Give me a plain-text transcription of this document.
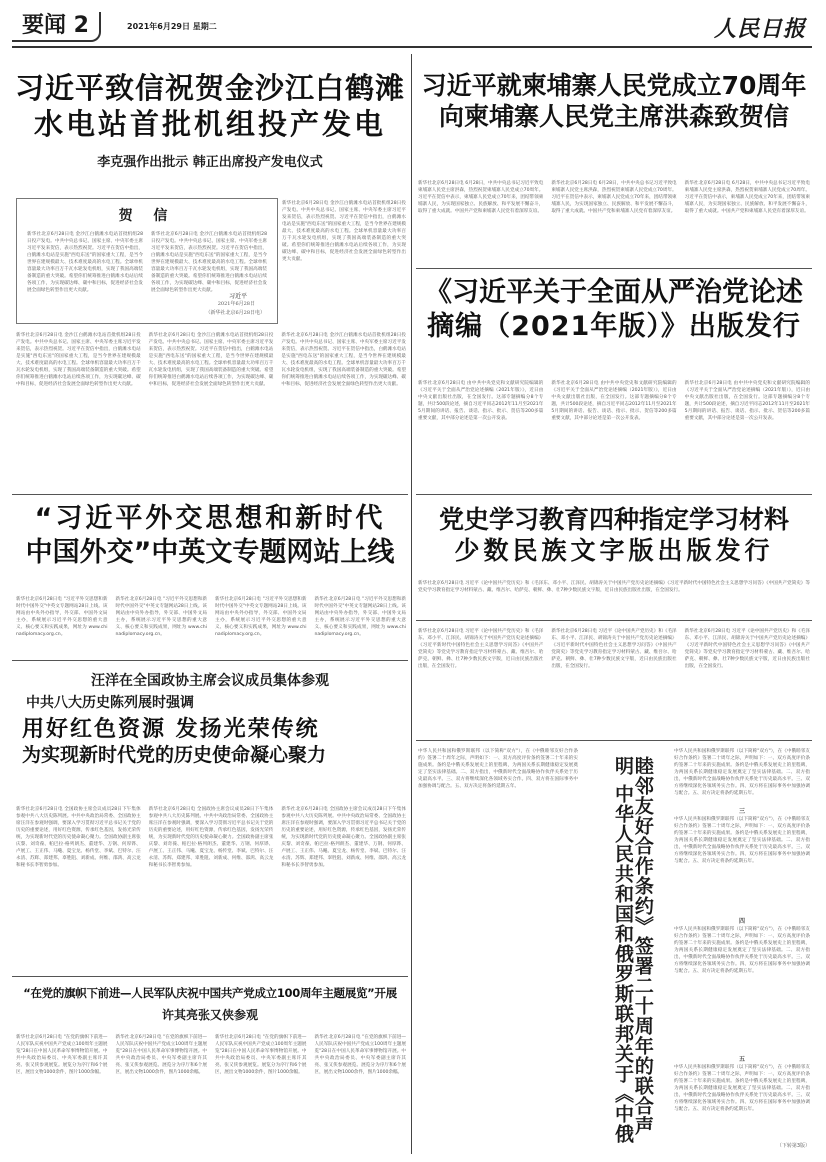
要闻 2	2021年6月29日 星期二	人民日报
习近平致信祝贺金沙江白鹤滩
水电站首批机组投产发电
李克强作出批示 韩正出席投产发电仪式
贺 信
新华社北京6月28日电 金沙江白鹤滩水电站首批机组28日投产发电。中共中央总书记、国家主席、中央军委主席习近平发来贺信，表示热烈祝贺。习近平在贺信中指出，白鹤滩水电站是实施"西电东送"的国家重大工程，是当今世界在建规模最大、技术难度最高的水电工程。全球单机容量最大功率百万千瓦水轮发电机组，实现了我国高端装备制造的重大突破。希望你们统筹推进白鹤滩水电站后续各项工作，为实现碳达峰、碳中和目标，促进经济社会发展全面绿色转型作出更大贡献。
新华社北京6月28日电 金沙江白鹤滩水电站首批机组28日投产发电。中共中央总书记、国家主席、中央军委主席习近平发来贺信，表示热烈祝贺。习近平在贺信中指出，白鹤滩水电站是实施"西电东送"的国家重大工程，是当今世界在建规模最大、技术难度最高的水电工程。全球单机容量最大功率百万千瓦水轮发电机组，实现了我国高端装备制造的重大突破。希望你们统筹推进白鹤滩水电站后续各项工作，为实现碳达峰、碳中和目标，促进经济社会发展全面绿色转型作出更大贡献。
习近平
2021年6月28日
（新华社北京6月28日电）
新华社北京6月28日电 金沙江白鹤滩水电站首批机组28日投产发电。中共中央总书记、国家主席、中央军委主席习近平发来贺信，表示热烈祝贺。习近平在贺信中指出，白鹤滩水电站是实施"西电东送"的国家重大工程，是当今世界在建规模最大、技术难度最高的水电工程。全球单机容量最大功率百万千瓦水轮发电机组，实现了我国高端装备制造的重大突破。希望你们统筹推进白鹤滩水电站后续各项工作，为实现碳达峰、碳中和目标，促进经济社会发展全面绿色转型作出更大贡献。
新华社北京6月28日电 金沙江白鹤滩水电站首批机组28日投产发电。中共中央总书记、国家主席、中央军委主席习近平发来贺信，表示热烈祝贺。习近平在贺信中指出，白鹤滩水电站是实施"西电东送"的国家重大工程，是当今世界在建规模最大、技术难度最高的水电工程。全球单机容量最大功率百万千瓦水轮发电机组，实现了我国高端装备制造的重大突破。希望你们统筹推进白鹤滩水电站后续各项工作，为实现碳达峰、碳中和目标，促进经济社会发展全面绿色转型作出更大贡献。
新华社北京6月28日电 金沙江白鹤滩水电站首批机组28日投产发电。中共中央总书记、国家主席、中央军委主席习近平发来贺信，表示热烈祝贺。习近平在贺信中指出，白鹤滩水电站是实施"西电东送"的国家重大工程，是当今世界在建规模最大、技术难度最高的水电工程。全球单机容量最大功率百万千瓦水轮发电机组，实现了我国高端装备制造的重大突破。希望你们统筹推进白鹤滩水电站后续各项工作，为实现碳达峰、碳中和目标，促进经济社会发展全面绿色转型作出更大贡献。
新华社北京6月28日电 金沙江白鹤滩水电站首批机组28日投产发电。中共中央总书记、国家主席、中央军委主席习近平发来贺信，表示热烈祝贺。习近平在贺信中指出，白鹤滩水电站是实施"西电东送"的国家重大工程，是当今世界在建规模最大、技术难度最高的水电工程。全球单机容量最大功率百万千瓦水轮发电机组，实现了我国高端装备制造的重大突破。希望你们统筹推进白鹤滩水电站后续各项工作，为实现碳达峰、碳中和目标，促进经济社会发展全面绿色转型作出更大贡献。
习近平就柬埔寨人民党成立70周年
向柬埔寨人民党主席洪森致贺信
新华社北京6月28日电 6月28日，中共中央总书记习近平致电柬埔寨人民党主席洪森，热烈祝贺柬埔寨人民党成立70周年。习近平在贺信中表示，柬埔寨人民党成立70年来，团结带领柬埔寨人民，为实现国家独立、民族解放、和平发展不懈奋斗，取得了重大成就。中国共产党和柬埔寨人民党有着深厚友谊。
新华社北京6月28日电 6月28日，中共中央总书记习近平致电柬埔寨人民党主席洪森，热烈祝贺柬埔寨人民党成立70周年。习近平在贺信中表示，柬埔寨人民党成立70年来，团结带领柬埔寨人民，为实现国家独立、民族解放、和平发展不懈奋斗，取得了重大成就。中国共产党和柬埔寨人民党有着深厚友谊。
新华社北京6月28日电 6月28日，中共中央总书记习近平致电柬埔寨人民党主席洪森，热烈祝贺柬埔寨人民党成立70周年。习近平在贺信中表示，柬埔寨人民党成立70年来，团结带领柬埔寨人民，为实现国家独立、民族解放、和平发展不懈奋斗，取得了重大成就。中国共产党和柬埔寨人民党有着深厚友谊。
《习近平关于全面从严治党论述
摘编（2021年版）》出版发行
新华社北京6月28日电 由中共中央党史和文献研究院编辑的《习近平关于全面从严治党论述摘编（2021年版）》，近日由中央文献出版社出版，在全国发行。这部专题摘编分8个专题，共计500段论述，摘自习近平同志2012年11月至2021年5月期间的讲话、报告、谈话、指示、批示、贺信等200多篇重要文献，其中部分论述是第一次公开发表。
新华社北京6月28日电 由中共中央党史和文献研究院编辑的《习近平关于全面从严治党论述摘编（2021年版）》，近日由中央文献出版社出版，在全国发行。这部专题摘编分8个专题，共计500段论述，摘自习近平同志2012年11月至2021年5月期间的讲话、报告、谈话、指示、批示、贺信等200多篇重要文献，其中部分论述是第一次公开发表。
新华社北京6月28日电 由中共中央党史和文献研究院编辑的《习近平关于全面从严治党论述摘编（2021年版）》，近日由中央文献出版社出版，在全国发行。这部专题摘编分8个专题，共计500段论述，摘自习近平同志2012年11月至2021年5月期间的讲话、报告、谈话、指示、批示、贺信等200多篇重要文献，其中部分论述是第一次公开发表。
“习近平外交思想和新时代
中国外交”中英文专题网站上线
新华社北京6月28日电 "习近平外交思想和新时代中国外交"中英文专题网站28日上线。该网站由中央外办指导，外交部、中国外文局主办，系统展示习近平外交思想的重大意义、核心要义和实践成果，网址为 www.chinadiplomacy.org.cn。
新华社北京6月28日电 "习近平外交思想和新时代中国外交"中英文专题网站28日上线。该网站由中央外办指导，外交部、中国外文局主办，系统展示习近平外交思想的重大意义、核心要义和实践成果，网址为 www.chinadiplomacy.org.cn。
新华社北京6月28日电 "习近平外交思想和新时代中国外交"中英文专题网站28日上线。该网站由中央外办指导，外交部、中国外文局主办，系统展示习近平外交思想的重大意义、核心要义和实践成果，网址为 www.chinadiplomacy.org.cn。
新华社北京6月28日电 "习近平外交思想和新时代中国外交"中英文专题网站28日上线。该网站由中央外办指导，外交部、中国外文局主办，系统展示习近平外交思想的重大意义、核心要义和实践成果，网址为 www.chinadiplomacy.org.cn。
党史学习教育四种指定学习材料
少数民族文字版出版发行
新华社北京6月28日电 习近平《论中国共产党历史》和《毛泽东、邓小平、江泽民、胡锦涛关于中国共产党历史论述摘编》《习近平新时代中国特色社会主义思想学习问答》《中国共产党简史》等党史学习教育指定学习材料蒙古、藏、维吾尔、哈萨克、朝鲜、彝、壮7种少数民族文字版，近日由民族出版社出版，在全国发行。
新华社北京6月28日电 习近平《论中国共产党历史》和《毛泽东、邓小平、江泽民、胡锦涛关于中国共产党历史论述摘编》《习近平新时代中国特色社会主义思想学习问答》《中国共产党简史》等党史学习教育指定学习材料蒙古、藏、维吾尔、哈萨克、朝鲜、彝、壮7种少数民族文字版，近日由民族出版社出版，在全国发行。
新华社北京6月28日电 习近平《论中国共产党历史》和《毛泽东、邓小平、江泽民、胡锦涛关于中国共产党历史论述摘编》《习近平新时代中国特色社会主义思想学习问答》《中国共产党简史》等党史学习教育指定学习材料蒙古、藏、维吾尔、哈萨克、朝鲜、彝、壮7种少数民族文字版，近日由民族出版社出版，在全国发行。
新华社北京6月28日电 习近平《论中国共产党历史》和《毛泽东、邓小平、江泽民、胡锦涛关于中国共产党历史论述摘编》《习近平新时代中国特色社会主义思想学习问答》《中国共产党简史》等党史学习教育指定学习材料蒙古、藏、维吾尔、哈萨克、朝鲜、彝、壮7种少数民族文字版，近日由民族出版社出版，在全国发行。
汪洋在全国政协主席会议成员集体参观
中共八大历史陈列展时强调
用好红色资源 发扬光荣传统
为实现新时代党的历史使命凝心聚力
新华社北京6月28日电 全国政协主席会议成员28日下午集体参观中共八大历史陈列展。中共中央政治局常委、全国政协主席汪洋在参观时强调，要深入学习贯彻习近平总书记关于党的历史的重要论述，用好红色资源，传承红色基因，发扬光荣传统，为实现新时代党的历史使命凝心聚力。全国政协副主席张庆黎、刘奇葆、帕巴拉·格列朗杰、董建华、万钢、何厚铧、卢展工、王正伟、马飚、夏宝龙、杨传堂、李斌、巴特尔、汪永清、苏辉、郑建邦、辜胜阻、刘新成、何维、邵鸿、高云龙和秘书长李智勇参加。
新华社北京6月28日电 全国政协主席会议成员28日下午集体参观中共八大历史陈列展。中共中央政治局常委、全国政协主席汪洋在参观时强调，要深入学习贯彻习近平总书记关于党的历史的重要论述，用好红色资源，传承红色基因，发扬光荣传统，为实现新时代党的历史使命凝心聚力。全国政协副主席张庆黎、刘奇葆、帕巴拉·格列朗杰、董建华、万钢、何厚铧、卢展工、王正伟、马飚、夏宝龙、杨传堂、李斌、巴特尔、汪永清、苏辉、郑建邦、辜胜阻、刘新成、何维、邵鸿、高云龙和秘书长李智勇参加。
新华社北京6月28日电 全国政协主席会议成员28日下午集体参观中共八大历史陈列展。中共中央政治局常委、全国政协主席汪洋在参观时强调，要深入学习贯彻习近平总书记关于党的历史的重要论述，用好红色资源，传承红色基因，发扬光荣传统，为实现新时代党的历史使命凝心聚力。全国政协副主席张庆黎、刘奇葆、帕巴拉·格列朗杰、董建华、万钢、何厚铧、卢展工、王正伟、马飚、夏宝龙、杨传堂、李斌、巴特尔、汪永清、苏辉、郑建邦、辜胜阻、刘新成、何维、邵鸿、高云龙和秘书长李智勇参加。
“在党的旗帜下前进—人民军队庆祝中国共产党成立100周年主题展览”开展
许其亮张又侠参观
新华社北京6月28日电 "在党的旗帜下前进—人民军队庆祝中国共产党成立100周年主题展览"28日在中国人民革命军事博物馆开展。中共中央政治局委员、中央军委副主席许其亮、张又侠参观展览。展览分为序厅和6个展区，展出文物1000余件，图片1000余幅。
新华社北京6月28日电 "在党的旗帜下前进—人民军队庆祝中国共产党成立100周年主题展览"28日在中国人民革命军事博物馆开展。中共中央政治局委员、中央军委副主席许其亮、张又侠参观展览。展览分为序厅和6个展区，展出文物1000余件，图片1000余幅。
新华社北京6月28日电 "在党的旗帜下前进—人民军队庆祝中国共产党成立100周年主题展览"28日在中国人民革命军事博物馆开展。中共中央政治局委员、中央军委副主席许其亮、张又侠参观展览。展览分为序厅和6个展区，展出文物1000余件，图片1000余幅。
新华社北京6月28日电 "在党的旗帜下前进—人民军队庆祝中国共产党成立100周年主题展览"28日在中国人民革命军事博物馆开展。中共中央政治局委员、中央军委副主席许其亮、张又侠参观展览。展览分为序厅和6个展区，展出文物1000余件，图片1000余幅。
中华人民共和国和俄罗斯联邦（以下简称"双方"），在《中俄睦邻友好合作条约》签署二十周年之际，声明如下：一、双方高度评价条约签署二十年来的实施成果。条约是中俄关系发展史上的里程碑，为两国关系长期健康稳定发展奠定了坚实法律基础。二、双方指出，中俄新时代全面战略协作伙伴关系处于历史最高水平。三、双方将继续深化各领域务实合作。四、双方将在国际事务中加强协调与配合。五、双方决定将条约延期五年。	睦邻友好合作条约》签署二十周年的联合声明 中华人民共和国和俄罗斯联邦关于《中俄
中华人民共和国和俄罗斯联邦（以下简称"双方"），在《中俄睦邻友好合作条约》签署二十周年之际，声明如下：一、双方高度评价条约签署二十年来的实施成果。条约是中俄关系发展史上的里程碑，为两国关系长期健康稳定发展奠定了坚实法律基础。二、双方指出，中俄新时代全面战略协作伙伴关系处于历史最高水平。三、双方将继续深化各领域务实合作。四、双方将在国际事务中加强协调与配合。五、双方决定将条约延期五年。
三
中华人民共和国和俄罗斯联邦（以下简称"双方"），在《中俄睦邻友好合作条约》签署二十周年之际，声明如下：一、双方高度评价条约签署二十年来的实施成果。条约是中俄关系发展史上的里程碑，为两国关系长期健康稳定发展奠定了坚实法律基础。二、双方指出，中俄新时代全面战略协作伙伴关系处于历史最高水平。三、双方将继续深化各领域务实合作。四、双方将在国际事务中加强协调与配合。五、双方决定将条约延期五年。
四
中华人民共和国和俄罗斯联邦（以下简称"双方"），在《中俄睦邻友好合作条约》签署二十周年之际，声明如下：一、双方高度评价条约签署二十年来的实施成果。条约是中俄关系发展史上的里程碑，为两国关系长期健康稳定发展奠定了坚实法律基础。二、双方指出，中俄新时代全面战略协作伙伴关系处于历史最高水平。三、双方将继续深化各领域务实合作。四、双方将在国际事务中加强协调与配合。五、双方决定将条约延期五年。
五
中华人民共和国和俄罗斯联邦（以下简称"双方"），在《中俄睦邻友好合作条约》签署二十周年之际，声明如下：一、双方高度评价条约签署二十年来的实施成果。条约是中俄关系发展史上的里程碑，为两国关系长期健康稳定发展奠定了坚实法律基础。二、双方指出，中俄新时代全面战略协作伙伴关系处于历史最高水平。三、双方将继续深化各领域务实合作。四、双方将在国际事务中加强协调与配合。五、双方决定将条约延期五年。
（下转第3版）
